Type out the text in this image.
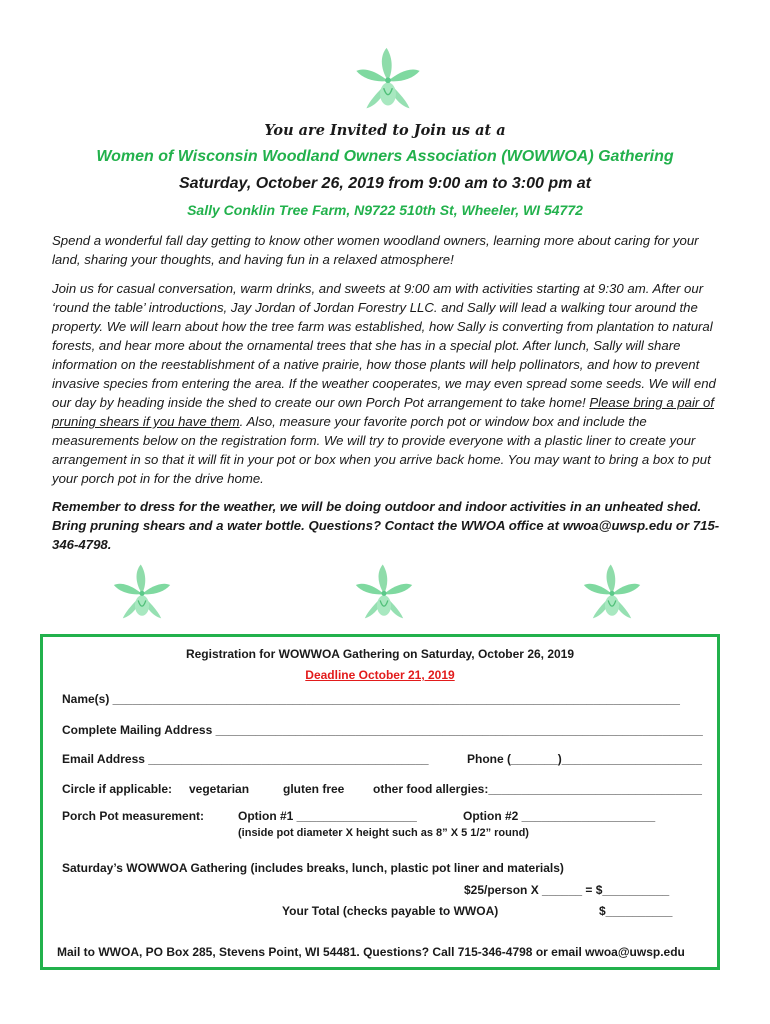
You are Invited to Join us at a
Women of Wisconsin Woodland Owners Association (WOWWOA) Gathering
Saturday, October 26, 2019 from 9:00 am to 3:00 pm at
Sally Conklin Tree Farm, N9722 510th St, Wheeler, WI 54772

Spend a wonderful fall day getting to know other women woodland owners, learning more about caring for your land, sharing your thoughts, and having fun in a relaxed atmosphere!

Join us for casual conversation, warm drinks, and sweets at 9:00 am with activities starting at 9:30 am. After our ‘round the table’ introductions, Jay Jordan of Jordan Forestry LLC. and Sally will lead a walking tour around the property. We will learn about how the tree farm was established, how Sally is converting from plantation to natural forests, and hear more about the ornamental trees that she has in a special plot. After lunch, Sally will share information on the reestablishment of a native prairie, how those plants will help pollinators, and how to prevent invasive species from entering the area. If the weather cooperates, we may even spread some seeds. We will end our day by heading inside the shed to create our own Porch Pot arrangement to take home! Please bring a pair of pruning shears if you have them. Also, measure your favorite porch pot or window box and include the measurements below on the registration form. We will try to provide everyone with a plastic liner to create your arrangement in so that it will fit in your pot or box when you arrive back home. You may want to bring a box to put your porch pot in for the drive home.

Remember to dress for the weather, we will be doing outdoor and indoor activities in an unheated shed. Bring pruning shears and a water bottle. Questions? Contact the WWOA office at wwoa@uwsp.edu or 715-346-4798.

Registration for WOWWOA Gathering on Saturday, October 26, 2019
Deadline October 21, 2019
Name(s) _____________________________________________________________________________________
Complete Mailing Address _________________________________________________________________________
Email Address __________________________________________	Phone (_______)_____________________
Circle if applicable: vegetarian	gluten free other food allergies:________________________________
Porch Pot measurement:	Option #1 __________________	Option #2 ____________________
(inside pot diameter X height such as 8” X 5 1/2” round)
Saturday’s WOWWOA Gathering (includes breaks, lunch, plastic pot liner and materials)
$25/person X ______ = $__________
Your Total (checks payable to WWOA)	$__________
Mail to WWOA, PO Box 285, Stevens Point, WI 54481. Questions? Call 715-346-4798 or email wwoa@uwsp.edu
